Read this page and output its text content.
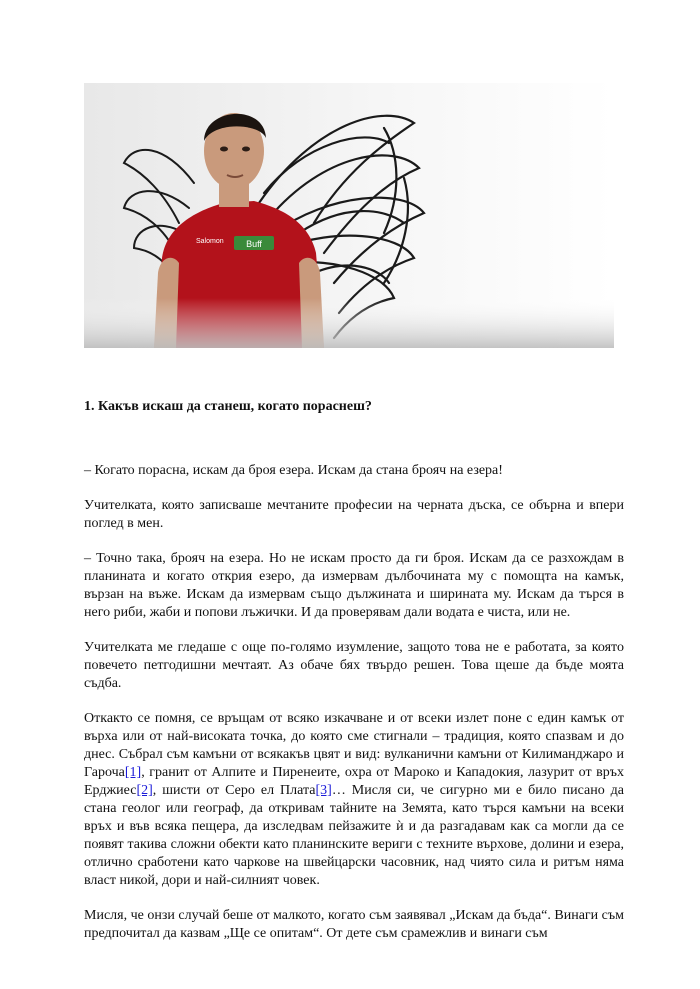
Buff
Salomon
1. Какъв искаш да станеш, когато пораснеш?

– Когато порасна, искам да броя езера. Искам да стана брояч на езера!

Учителката, която записваше мечтаните професии на черната дъска, се обърна и впери поглед в мен.

– Точно така, брояч на езера. Но не искам просто да ги броя. Искам да се разхождам в планината и когато открия езеро, да измервам дълбочината му с помощта на камък, вързан на въже. Искам да измервам също дължината и ширината му. Искам да търся в него риби, жаби и попови лъжички. И да проверявам дали водата е чиста, или не.

Учителката ме гледаше с още по-голямо изумление, защото това не е работата, за която повечето петгодишни мечтаят. Аз обаче бях твърдо решен. Това щеше да бъде моята съдба.

Откакто се помня, се връщам от всяко изкачване и от всеки излет поне с един камък от върха или от най-високата точка, до която сме стигнали – традиция, която спазвам и до днес. Събрал съм камъни от всякакъв цвят и вид: вулканични камъни от Килиманджаро и Гароча[1], гранит от Алпите и Пиренеите, охра от Мароко и Кападокия, лазурит от връх Ерджиес[2], шисти от Серо ел Плата[3]… Мисля си, че сигурно ми е било писано да стана геолог или географ, да откривам тайните на Земята, като търся камъни на всеки връх и във всяка пещера, да изследвам пейзажите ѝ и да разгадавам как са могли да се появят такива сложни обекти като планинските вериги с техните върхове, долини и езера, отлично сработени като чаркове на швейцарски часовник, над чиято сила и ритъм няма власт никой, дори и най-силният човек.

Мисля, че онзи случай беше от малкото, когато съм заявявал „Искам да бъда“. Винаги съм предпочитал да казвам „Ще се опитам“. От дете съм срамежлив и винаги съм
